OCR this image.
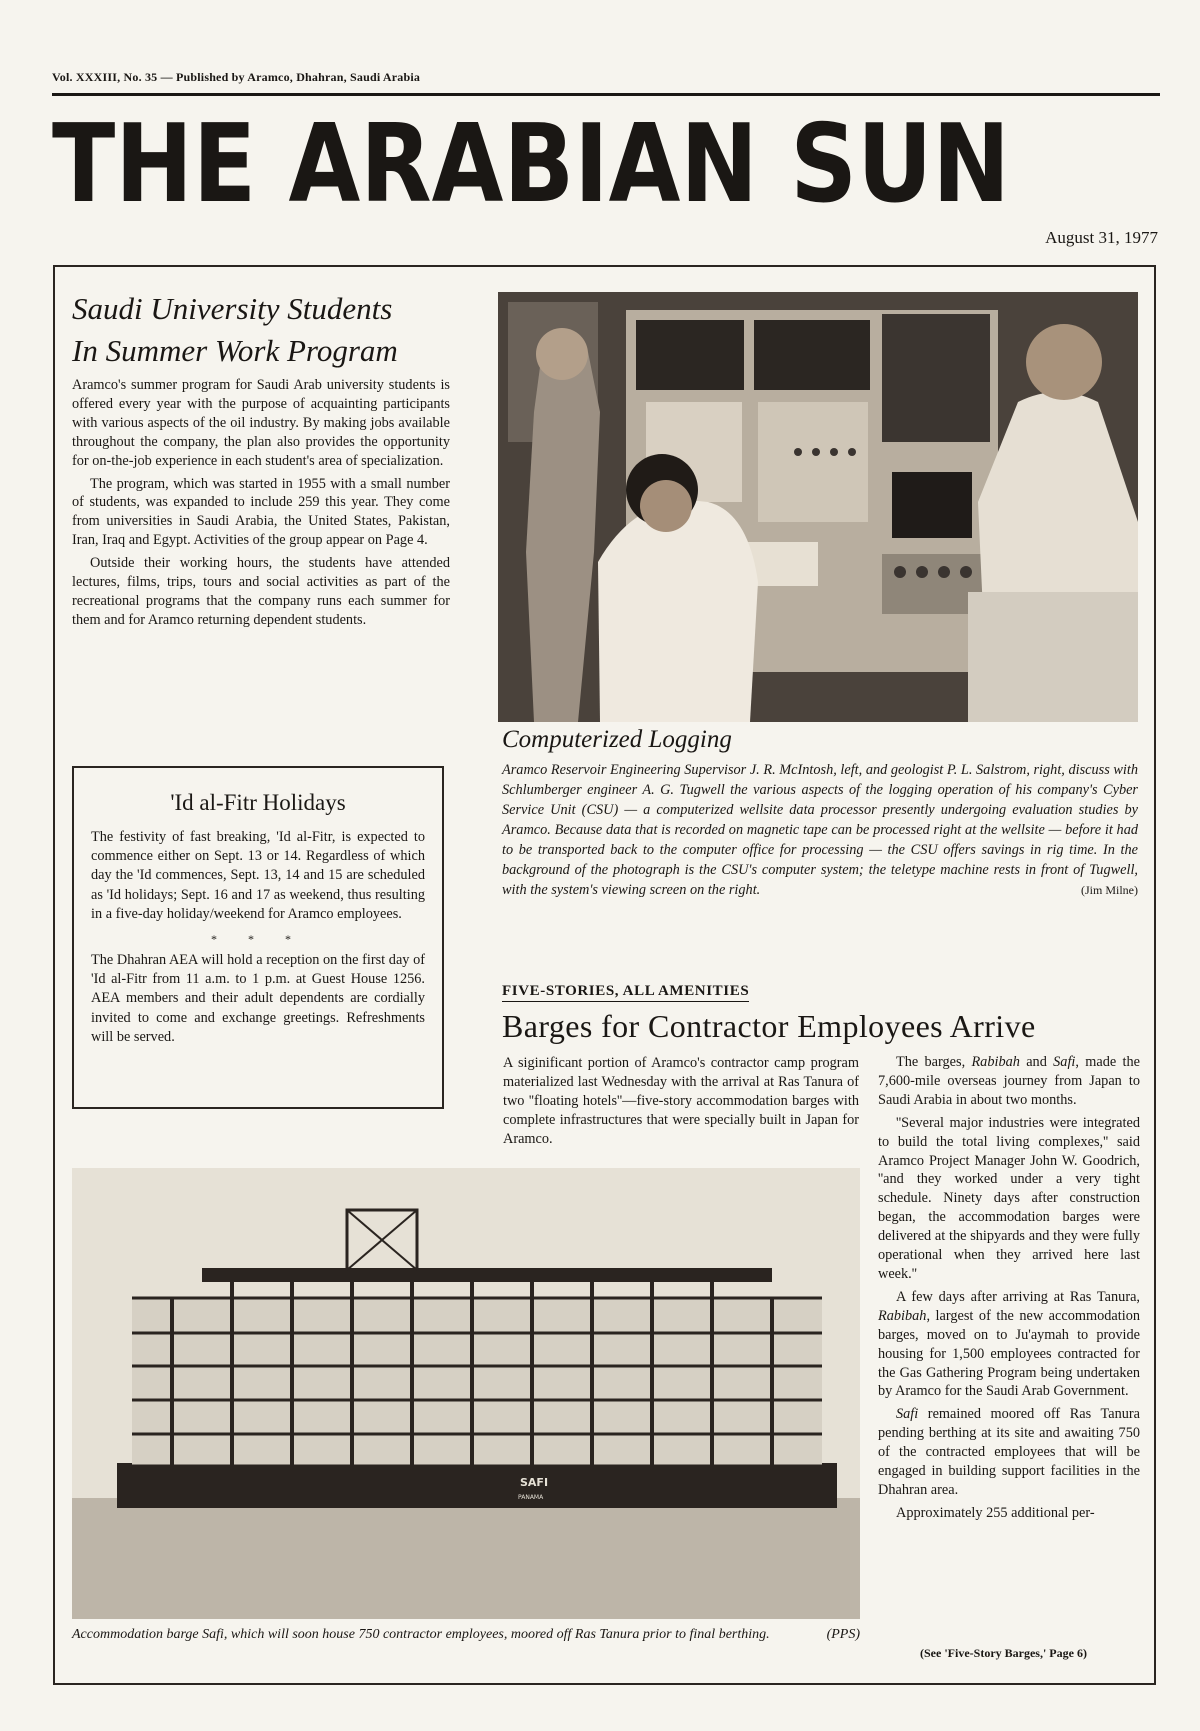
Vol. XXXIII, No. 35 — Published by Aramco, Dhahran, Saudi Arabia
THE ARABIAN SUN
August 31, 1977
Saudi University Students
In Summer Work Program

Aramco's summer program for Saudi Arab university students is offered every year with the purpose of acquainting participants with various aspects of the oil industry. By making jobs available throughout the company, the plan also provides the opportunity for on-the-job experience in each student's area of specialization.

The program, which was started in 1955 with a small number of students, was expanded to include 259 this year. They come from universities in Saudi Arabia, the United States, Pakistan, Iran, Iraq and Egypt. Activities of the group appear on Page 4.

Outside their working hours, the students have attended lectures, films, trips, tours and social activities as part of the recreational programs that the company runs each summer for them and for Aramco returning dependent students.

Computerized Logging
Aramco Reservoir Engineering Supervisor J. R. McIntosh, left, and geologist P. L. Salstrom, right, discuss with Schlumberger engineer A. G. Tugwell the various aspects of the logging operation of his company's Cyber Service Unit (CSU) — a computerized wellsite data processor presently undergoing evaluation studies by Aramco. Because data that is recorded on magnetic tape can be processed right at the wellsite — before it had to be transported back to the computer office for processing — the CSU offers savings in rig time. In the background of the photograph is the CSU's computer system; the teletype machine rests in front of Tugwell, with the system's viewing screen on the right.	(Jim Milne)
'Id al-Fitr Holidays

The festivity of fast breaking, 'Id al-Fitr, is expected to commence either on Sept. 13 or 14. Regardless of which day the 'Id commences, Sept. 13, 14 and 15 are scheduled as 'Id holidays; Sept. 16 and 17 as weekend, thus resulting in a five-day holiday/weekend for Aramco employees.

* * *

The Dhahran AEA will hold a reception on the first day of 'Id al-Fitr from 11 a.m. to 1 p.m. at Guest House 1256. AEA members and their adult dependents are cordially invited to come and exchange greetings. Refreshments will be served.

FIVE-STORIES, ALL AMENITIES
Barges for Contractor Employees Arrive

A siginificant portion of Aramco's contractor camp program materialized last Wednesday with the arrival at Ras Tanura of two ''floating hotels''—five-story accommodation barges with complete infrastructures that were specially built in Japan for Aramco.

The barges, Rabibah and Safi, made the 7,600-mile overseas journey from Japan to Saudi Arabia in about two months.

''Several major industries were integrated to build the total living complexes,'' said Aramco Project Manager John W. Goodrich, ''and they worked under a very tight schedule. Ninety days after construction began, the accommodation barges were delivered at the shipyards and they were fully operational when they arrived here last week.''

A few days after arriving at Ras Tanura, Rabibah, largest of the new accommodation barges, moved on to Ju'aymah to provide housing for 1,500 employees contracted for the Gas Gathering Program being undertaken by Aramco for the Saudi Arab Government.

Safi remained moored off Ras Tanura pending berthing at its site and awaiting 750 of the contracted employees that will be engaged in building support facilities in the Dhahran area.

Approximately 255 additional per-

SAFI
PANAMA
Accommodation barge Safi, which will soon house 750 contractor employees, moored off Ras Tanura prior to final berthing.	(PPS)
(See 'Five-Story Barges,' Page 6)
